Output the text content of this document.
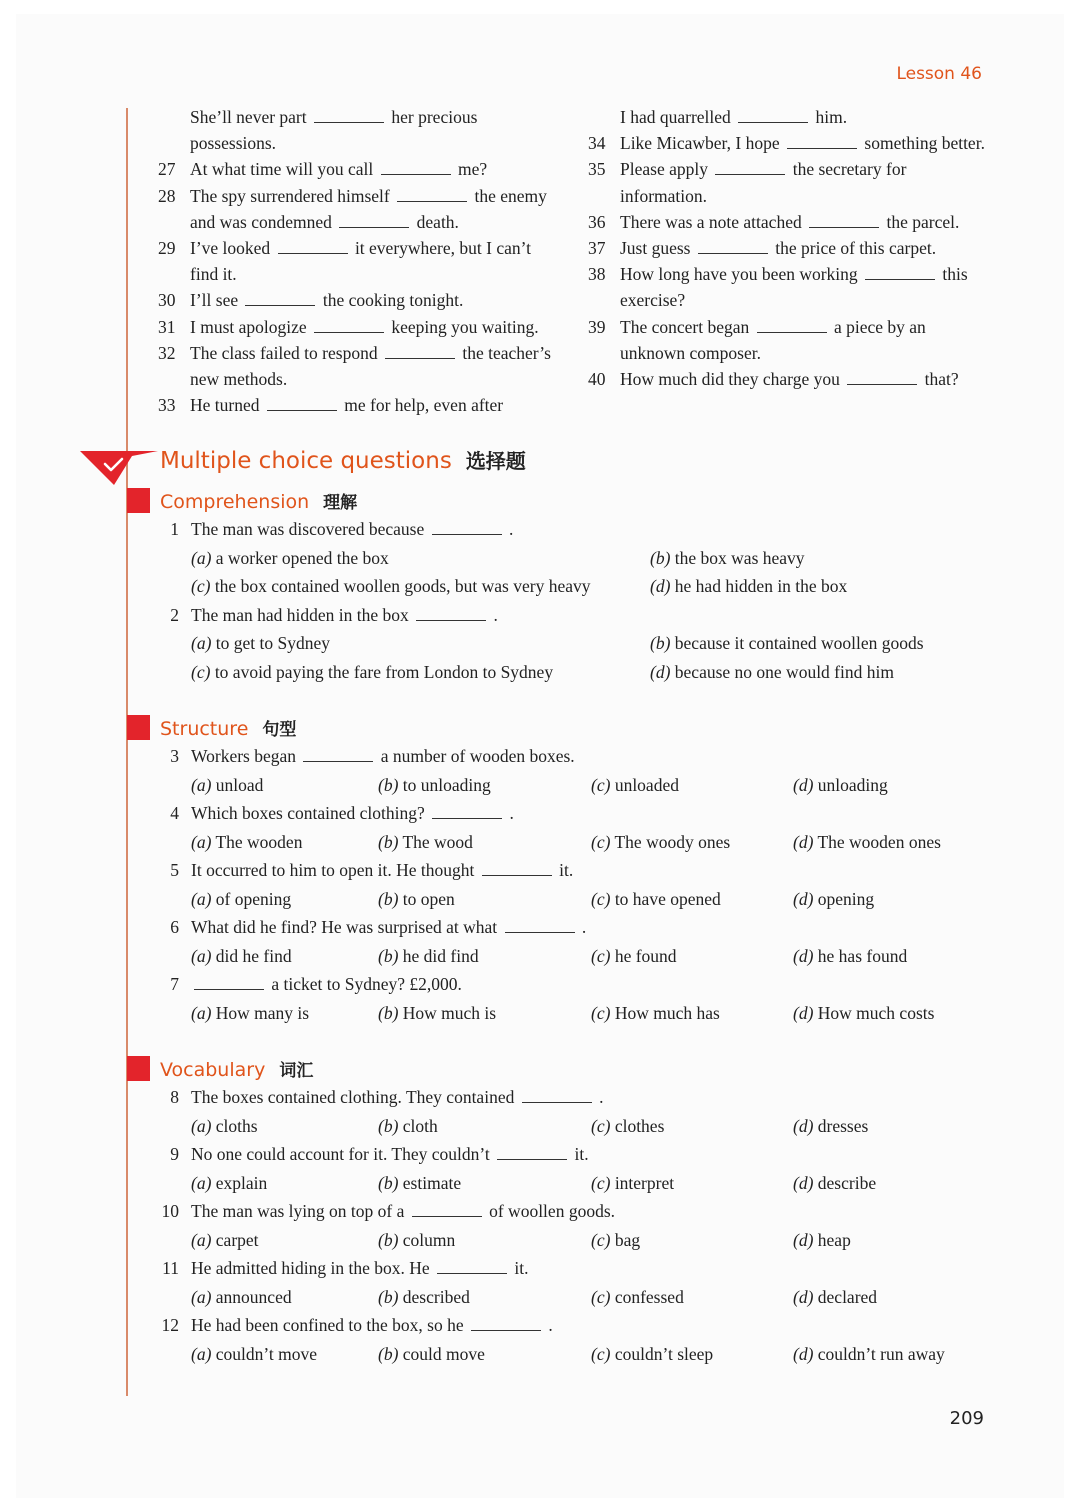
Lesson 46
She’ll never part	her precious possessions.
27 At what time will you call	me?
28 The spy surrendered himself	the enemy and was condemned	death.
29 I’ve looked	it everywhere, but I can’t find it.
30 I’ll see	the cooking tonight.
31 I must apologize	keeping you waiting.
32 The class failed to respond	the teacher’s new methods.
33 He turned	me for help, even after
I had quarrelled	him.
34 Like Micawber, I hope	something better.
35 Please apply	the secretary for information.
36 There was a note attached	the parcel.
37 Just guess	the price of this carpet.
38 How long have you been working	this exercise?
39 The concert began	a piece by an unknown composer.
40 How much did they charge you	that?
Multiple choice questions 选择题
Comprehension 理解
1 The man was discovered because	.
(a) a worker opened the box	(b) the box was heavy
(c) the box contained woollen goods, but was very heavy	(d) he had hidden in the box
2 The man had hidden in the box	.
(a) to get to Sydney	(b) because it contained woollen goods
(c) to avoid paying the fare from London to Sydney	(d) because no one would find him
Structure 句型
3 Workers began	a number of wooden boxes.
(a) unload	(b) to unloading	(c) unloaded	(d) unloading
4 Which boxes contained clothing?	.
(a) The wooden	(b) The wood	(c) The woody ones	(d) The wooden ones
5 It occurred to him to open it. He thought	it.
(a) of opening	(b) to open	(c) to have opened	(d) opening
6 What did he find? He was surprised at what	.
(a) did he find	(b) he did find	(c) he found	(d) he has found
7	a ticket to Sydney? £2,000.
(a) How many is	(b) How much is	(c) How much has	(d) How much costs
Vocabulary 词汇
8 The boxes contained clothing. They contained	.
(a) cloths	(b) cloth	(c) clothes	(d) dresses
9 No one could account for it. They couldn’t	it.
(a) explain	(b) estimate	(c) interpret	(d) describe
10 The man was lying on top of a	of woollen goods.
(a) carpet	(b) column	(c) bag	(d) heap
11 He admitted hiding in the box. He	it.
(a) announced	(b) described	(c) confessed	(d) declared
12 He had been confined to the box, so he	.
(a) couldn’t move	(b) could move	(c) couldn’t sleep	(d) couldn’t run away
209
